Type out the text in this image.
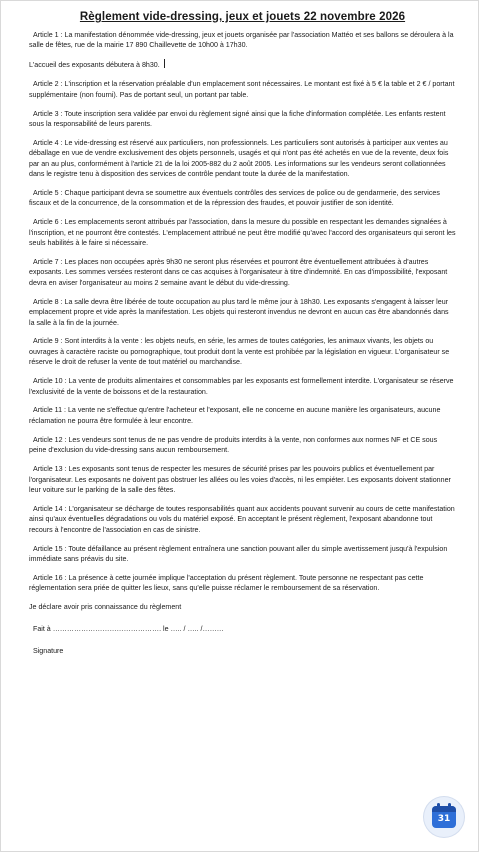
Règlement vide-dressing, jeux et jouets 22 novembre 2026

Article 1 : La manifestation dénommée vide-dressing, jeux et jouets organisée par l'association Mattéo et ses ballons se déroulera à la salle de fêtes, rue de la mairie 17 890 Chaillevette de 10h00 à 17h30.

L'accueil des exposants débutera à 8h30.

Article 2 : L'inscription et la réservation préalable d'un emplacement sont nécessaires. Le montant est fixé à 5 € la table et 2 € / portant supplémentaire (non fourni). Pas de portant seul, un portant par table.

Article 3 : Toute inscription sera validée par envoi du règlement signé ainsi que la fiche d'information complétée. Les enfants restent sous la responsabilité de leurs parents.

Article 4 : Le vide-dressing est réservé aux particuliers, non professionnels. Les particuliers sont autorisés à participer aux ventes au déballage en vue de vendre exclusivement des objets personnels, usagés et qui n'ont pas été achetés en vue de la revente, deux fois par an au plus, conformément à l'article 21 de la loi 2005-882 du 2 août 2005. Les informations sur les vendeurs seront collationnées dans le registre tenu à disposition des services de contrôle pendant toute la durée de la manifestation.

Article 5 : Chaque participant devra se soumettre aux éventuels contrôles des services de police ou de gendarmerie, des services fiscaux et de la concurrence, de la consommation et de la répression des fraudes, et pouvoir justifier de son identité.

Article 6 : Les emplacements seront attribués par l'association, dans la mesure du possible en respectant les demandes signalées à l'inscription, et ne pourront être contestés. L'emplacement attribué ne peut être modifié qu'avec l'accord des organisateurs qui seront les seuls habilités à le faire si nécessaire.

Article 7 : Les places non occupées après 9h30 ne seront plus réservées et pourront être éventuellement attribuées à d'autres exposants. Les sommes versées resteront dans ce cas acquises à l'organisateur à titre d'indemnité. En cas d'impossibilité, l'exposant devra en aviser l'organisateur au moins 2 semaine avant le début du vide-dressing.

Article 8 : La salle devra être libérée de toute occupation au plus tard le même jour à 18h30. Les exposants s'engagent à laisser leur emplacement propre et vide après la manifestation. Les objets qui resteront invendus ne devront en aucun cas être abandonnés dans la salle à la fin de la journée.

Article 9 : Sont interdits à la vente : les objets neufs, en série, les armes de toutes catégories, les animaux vivants, les objets ou ouvrages à caractère raciste ou pornographique, tout produit dont la vente est prohibée par la législation en vigueur. L'organisateur se réserve le droit de refuser la vente de tout matériel ou marchandise.

Article 10 : La vente de produits alimentaires et consommables par les exposants est formellement interdite. L'organisateur se réserve l'exclusivité de la vente de boissons et de la restauration.

Article 11 : La vente ne s'effectue qu'entre l'acheteur et l'exposant, elle ne concerne en aucune manière les organisateurs, aucune réclamation ne pourra être formulée à leur encontre.

Article 12 : Les vendeurs sont tenus de ne pas vendre de produits interdits à la vente, non conformes aux normes NF et CE sous peine d'exclusion du vide-dressing sans aucun remboursement.

Article 13 : Les exposants sont tenus de respecter les mesures de sécurité prises par les pouvoirs publics et éventuellement par l'organisateur. Les exposants ne doivent pas obstruer les allées ou les voies d'accès, ni les empiéter. Les exposants doivent stationner leur voiture sur le parking de la salle des fêtes.

Article 14 : L'organisateur se décharge de toutes responsabilités quant aux accidents pouvant survenir au cours de cette manifestation ainsi qu'aux éventuelles dégradations ou vols du matériel exposé. En acceptant le présent règlement, l'exposant abandonne tout recours à l'encontre de l'association en cas de sinistre.

Article 15 : Toute défaillance au présent règlement entraînera une sanction pouvant aller du simple avertissement jusqu'à l'expulsion immédiate sans préavis du site.

Article 16 : La présence à cette journée implique l'acceptation du présent règlement. Toute personne ne respectant pas cette réglementation sera priée de quitter les lieux, sans qu'elle puisse réclamer le remboursement de sa réservation.

Je déclare avoir pris connaissance du règlement

Fait à ………………………………………. le ….. / ….. /………

Signature

31
